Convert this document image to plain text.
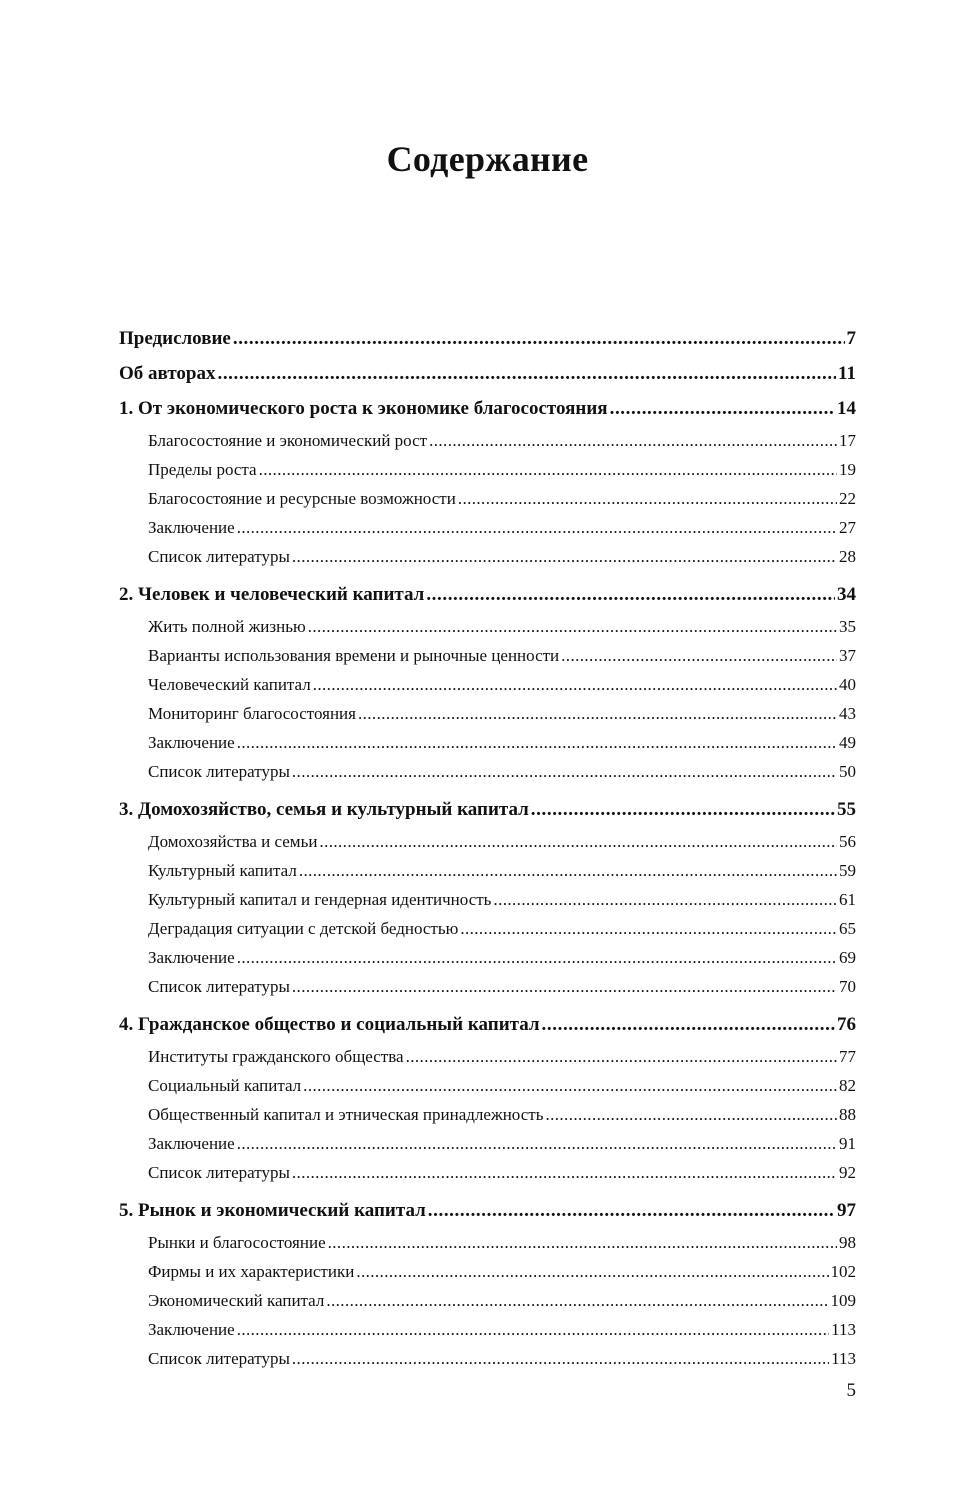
Содержание
Предисловие .....	7
Об авторах .....	11
1. От экономического роста к экономике благосостояния .....	14
Благосостояние и экономический рост .....	17
Пределы роста .....	19
Благосостояние и ресурсные возможности .....	22
Заключение .....	27
Список литературы .....	28
2. Человек и человеческий капитал .....	34
Жить полной жизнью .....	35
Варианты использования времени и рыночные ценности .....	37
Человеческий капитал .....	40
Мониторинг благосостояния .....	43
Заключение .....	49
Список литературы .....	50
3. Домохозяйство, семья и культурный капитал .....	55
Домохозяйства и семьи .....	56
Культурный капитал .....	59
Культурный капитал и гендерная идентичность .....	61
Деградация ситуации с детской бедностью .....	65
Заключение .....	69
Список литературы .....	70
4. Гражданское общество и социальный капитал .....	76
Институты гражданского общества .....	77
Социальный капитал .....	82
Общественный капитал и этническая принадлежность .....	88
Заключение .....	91
Список литературы .....	92
5. Рынок и экономический капитал .....	97
Рынки и благосостояние .....	98
Фирмы и их характеристики .....	102
Экономический капитал .....	109
Заключение .....	113
Список литературы .....	113
5
